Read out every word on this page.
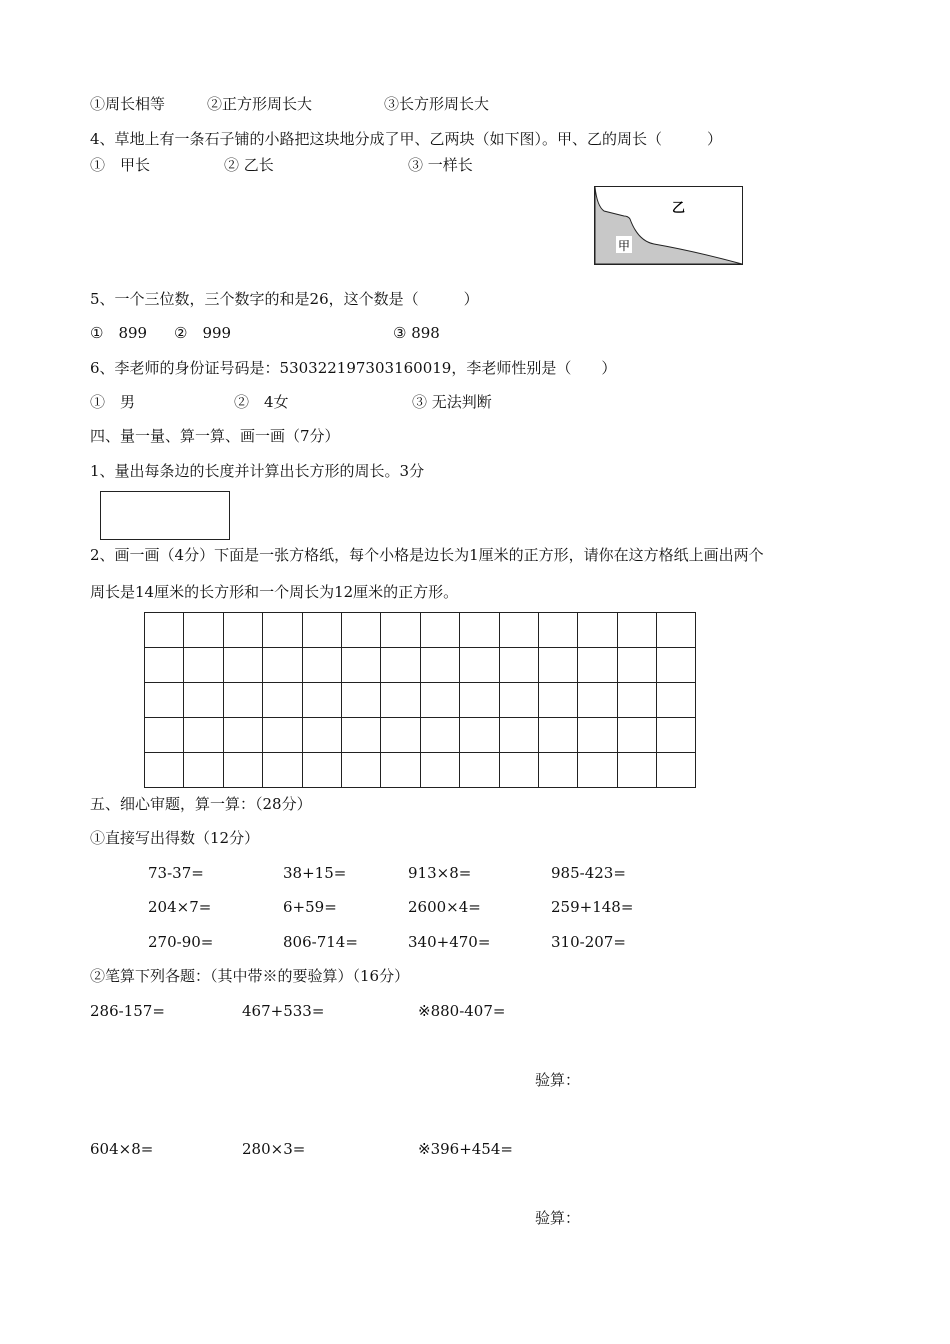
①周长相等	②正方形周长大	③长方形周长大
4、草地上有一条石子铺的小路把这块地分成了甲、乙两块（如下图）。甲、乙的周长（　　　）
①　甲长	② 乙长	③ 一样长
甲
乙
5、一个三位数，三个数字的和是26，这个数是（　　　）
①　899 ②　999	③ 898
6、李老师的身份证号码是：530322197303160019，李老师性别是（　　）
①　男	②　4女	③ 无法判断
四、量一量、算一算、画一画（7分）
1、量出每条边的长度并计算出长方形的周长。3分
2、画一画（4分）下面是一张方格纸，每个小格是边长为1厘米的正方形，请你在这方格纸上画出两个
周长是14厘米的长方形和一个周长为12厘米的正方形。

五、细心审题，算一算：（28分）
①直接写出得数（12分）
73-37=	38+15=	913×8=	985-423=
204×7=	6+59=	2600×4=	259+148=
270-90=	806-714=	340+470=	310-207=
②笔算下列各题：（其中带※的要验算）（16分）
286-157=	467+533=	※880-407=
604×8=	280×3=	※396+454=
验算：
验算：
